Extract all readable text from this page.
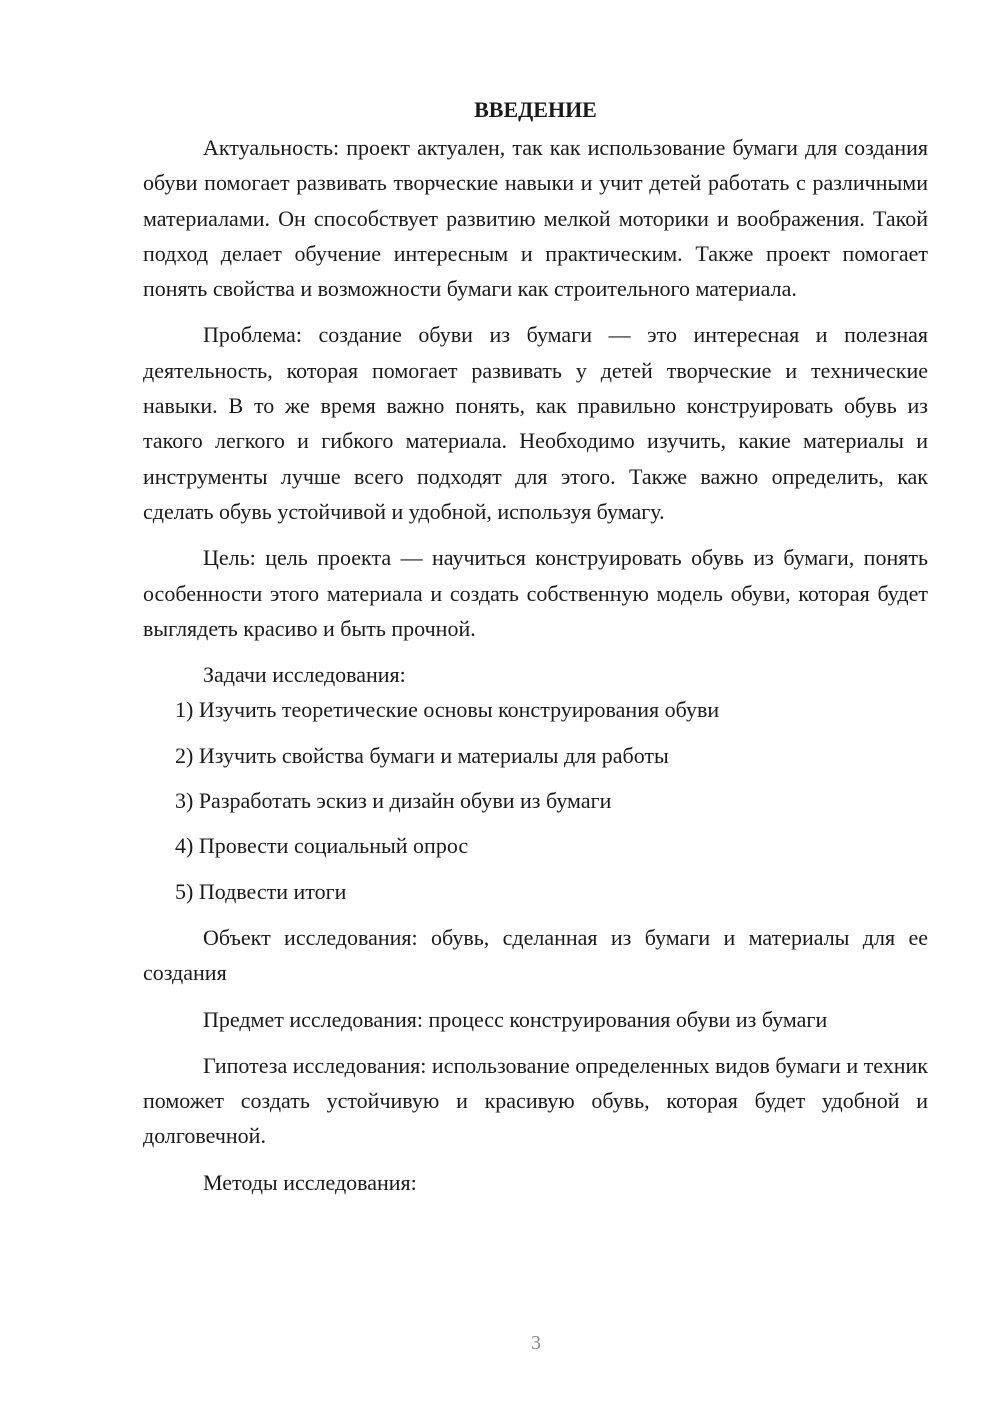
ВВЕДЕНИЕ

Актуальность: проект актуален, так как использование бумаги для создания обуви помогает развивать творческие навыки и учит детей работать с различными материалами. Он способствует развитию мелкой моторики и воображения. Такой подход делает обучение интересным и практическим. Также проект помогает понять свойства и возможности бумаги как строительного материала.

Проблема: создание обуви из бумаги — это интересная и полезная деятельность, которая помогает развивать у детей творческие и технические навыки. В то же время важно понять, как правильно конструировать обувь из такого легкого и гибкого материала. Необходимо изучить, какие материалы и инструменты лучше всего подходят для этого. Также важно определить, как сделать обувь устойчивой и удобной, используя бумагу.

Цель: цель проекта — научиться конструировать обувь из бумаги, понять особенности этого материала и создать собственную модель обуви, которая будет выглядеть красиво и быть прочной.

Задачи исследования:

1) Изучить теоретические основы конструирования обуви
2) Изучить свойства бумаги и материалы для работы
3) Разработать эскиз и дизайн обуви из бумаги
4) Провести социальный опрос
5) Подвести итоги

Объект исследования: обувь, сделанная из бумаги и материалы для ее создания

Предмет исследования: процесс конструирования обуви из бумаги

Гипотеза исследования: использование определенных видов бумаги и техник поможет создать устойчивую и красивую обувь, которая будет удобной и долговечной.

Методы исследования:

3
